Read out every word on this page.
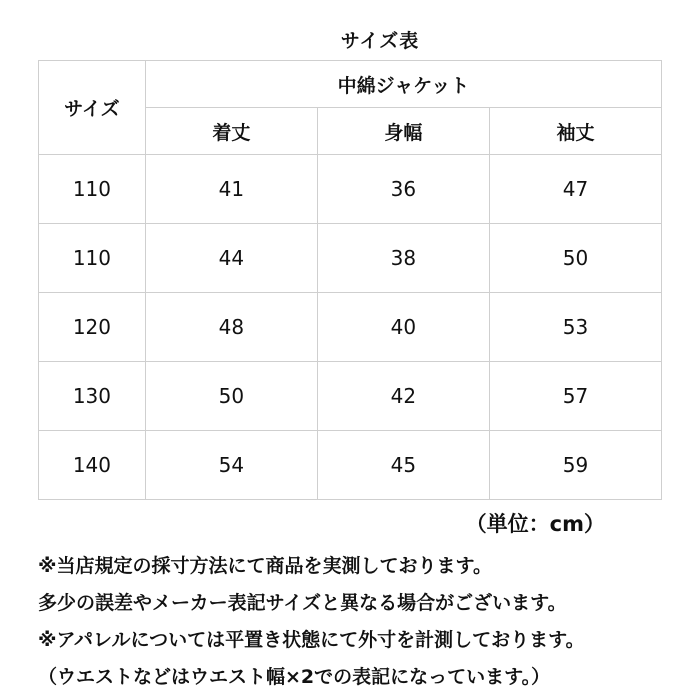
サイズ表
サイズ	中綿ジャケット		
	着丈	身幅	袖丈
110	41	36	47
110	44	38	50
120	48	40	53
130	50	42	57
140	54	45	59
（単位：cm）
※当店規定の採寸方法にて商品を実測しております。
多少の誤差やメーカー表記サイズと異なる場合がございます。
※アパレルについては平置き状態にて外寸を計測しております。
（ウエストなどはウエスト幅×2での表記になっています。）
